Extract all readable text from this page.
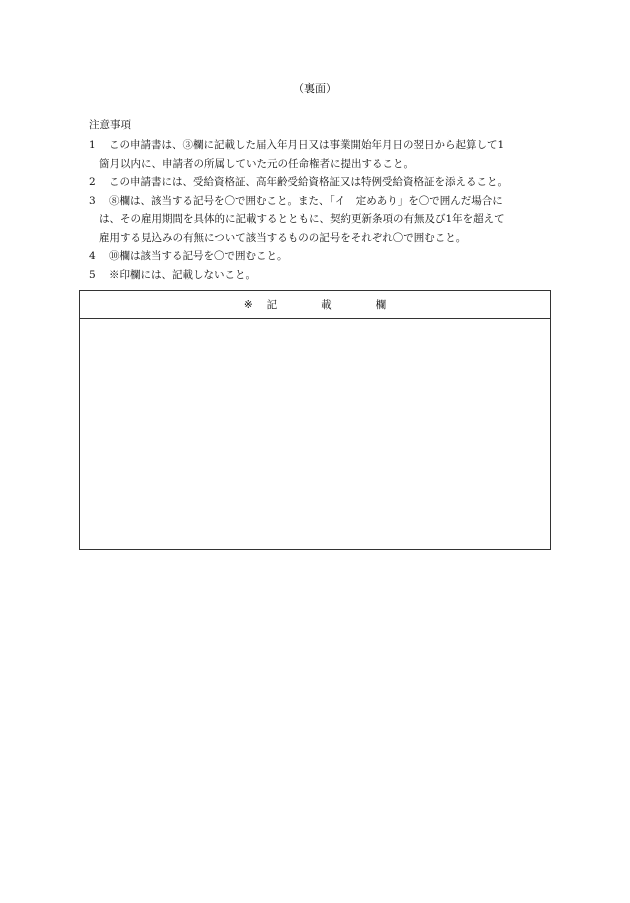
（裏面）
注意事項
1	この申請書は、③欄に記載した届入年月日又は事業開始年月日の翌日から起算して1
箇月以内に、申請者の所属していた元の任命権者に提出すること。
2	この申請書には、受給資格証、高年齢受給資格証又は特例受給資格証を添えること。
3	⑧欄は、該当する記号を〇で囲むこと。また、「イ　定めあり」を〇で囲んだ場合に
は、その雇用期間を具体的に記載するとともに、契約更新条項の有無及び1年を超えて
雇用する見込みの有無について該当するものの記号をそれぞれ〇で囲むこと。
4	⑩欄は該当する記号を〇で囲むこと。
5	※印欄には、記載しないこと。
※ 記	載	欄
